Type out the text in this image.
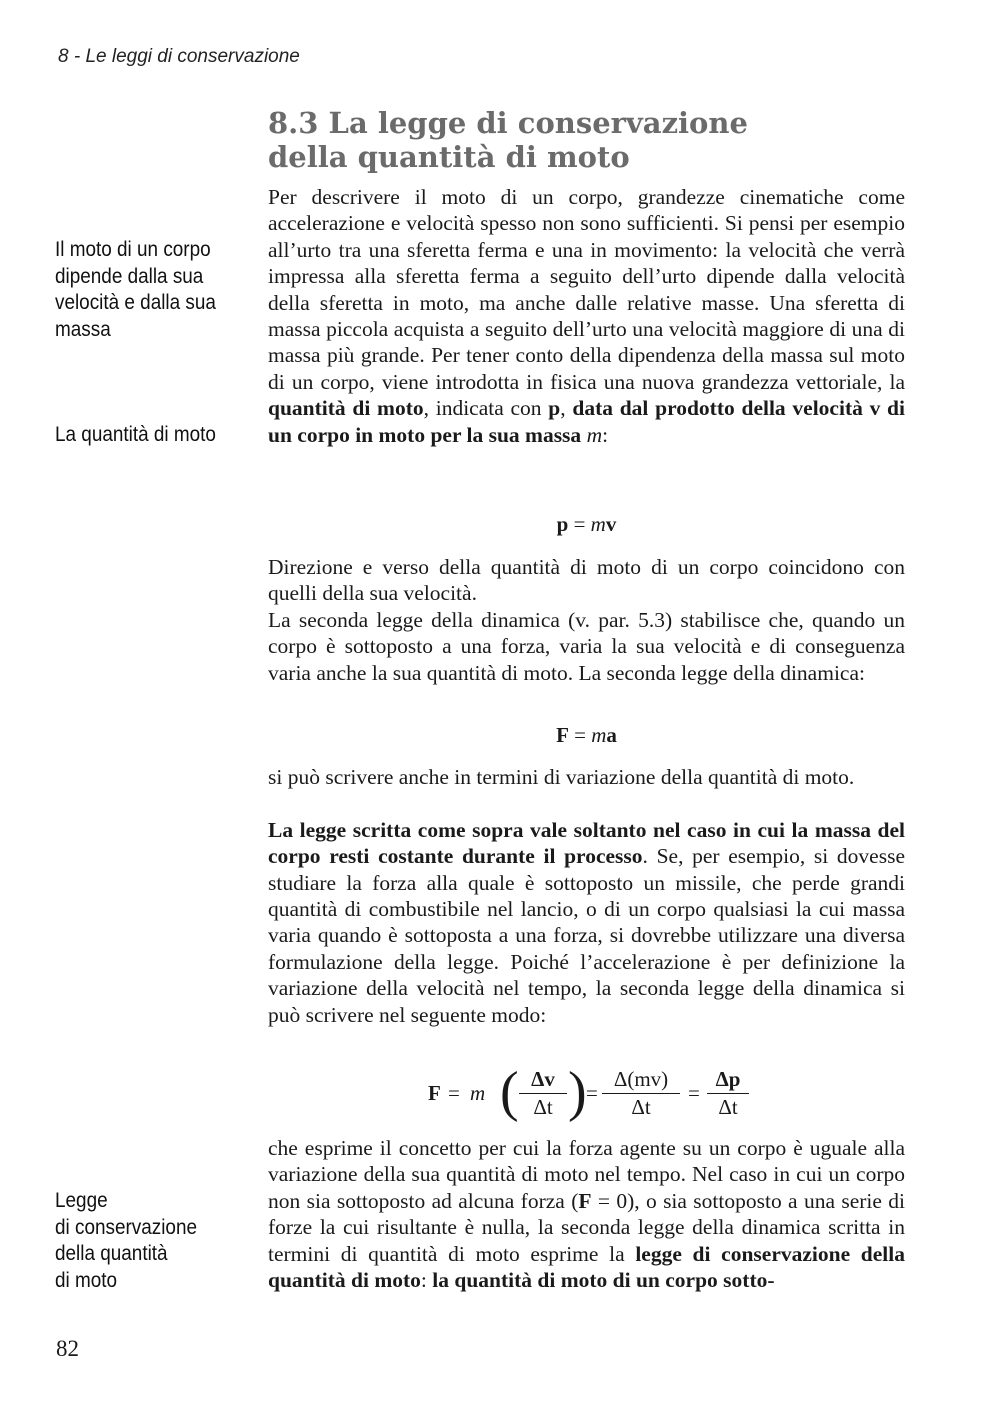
8 - Le leggi di conservazione
8.3 La legge di conservazione
della quantità di moto
Il moto di un corpo
dipende dalla sua
velocità e dalla sua
massa
La quantità di moto
Legge
di conservazione
della quantità
di moto

Per descrivere il moto di un corpo, grandezze cinematiche come accelerazione e velocità spesso non sono sufficienti. Si pensi per esempio all’urto tra una sferetta ferma e una in movimento: la velocità che verrà impressa alla sferetta ferma a seguito dell’urto dipende dalla velocità della sferetta in moto, ma anche dalle relative masse. Una sferetta di massa piccola acquista a seguito dell’urto una velocità maggiore di una di massa più grande. Per tener conto della dipendenza della massa sul moto di un corpo, viene introdotta in fisica una nuova grandezza vettoriale, la quantità di moto, indicata con p, data dal prodotto della velocità v di un corpo in moto per la sua massa m:

p = mv

Direzione e verso della quantità di moto di un corpo coincidono con quelli della sua velocità.

La seconda legge della dinamica (v. par. 5.3) stabilisce che, quando un corpo è sottoposto a una forza, varia la sua velocità e di conseguenza varia anche la sua quantità di moto. La seconda legge della dinamica:

F = ma

si può scrivere anche in termini di variazione della quantità di moto.

La legge scritta come sopra vale soltanto nel caso in cui la massa del corpo resti costante durante il processo. Se, per esempio, si dovesse studiare la forza alla quale è sottoposto un missile, che perde grandi quantità di combustibile nel lancio, o di un corpo qualsiasi la cui massa varia quando è sottoposta a una forza, si dovrebbe utilizzare una diversa formulazione della legge. Poiché l’accelerazione è per definizione la variazione della velocità nel tempo, la seconda legge della dinamica si può scrivere nel seguente modo:

F = m ( Δv
Δt ) =
Δ(mv)
Δt
=
Δp
Δt

che esprime il concetto per cui la forza agente su un corpo è uguale alla variazione della sua quantità di moto nel tempo. Nel caso in cui un corpo non sia sottoposto ad alcuna forza (F = 0), o sia sottoposto a una serie di forze la cui risultante è nulla, la seconda legge della dinamica scritta in termini di quantità di moto esprime la legge di conservazione della quantità di moto: la quantità di moto di un corpo sotto-

82
